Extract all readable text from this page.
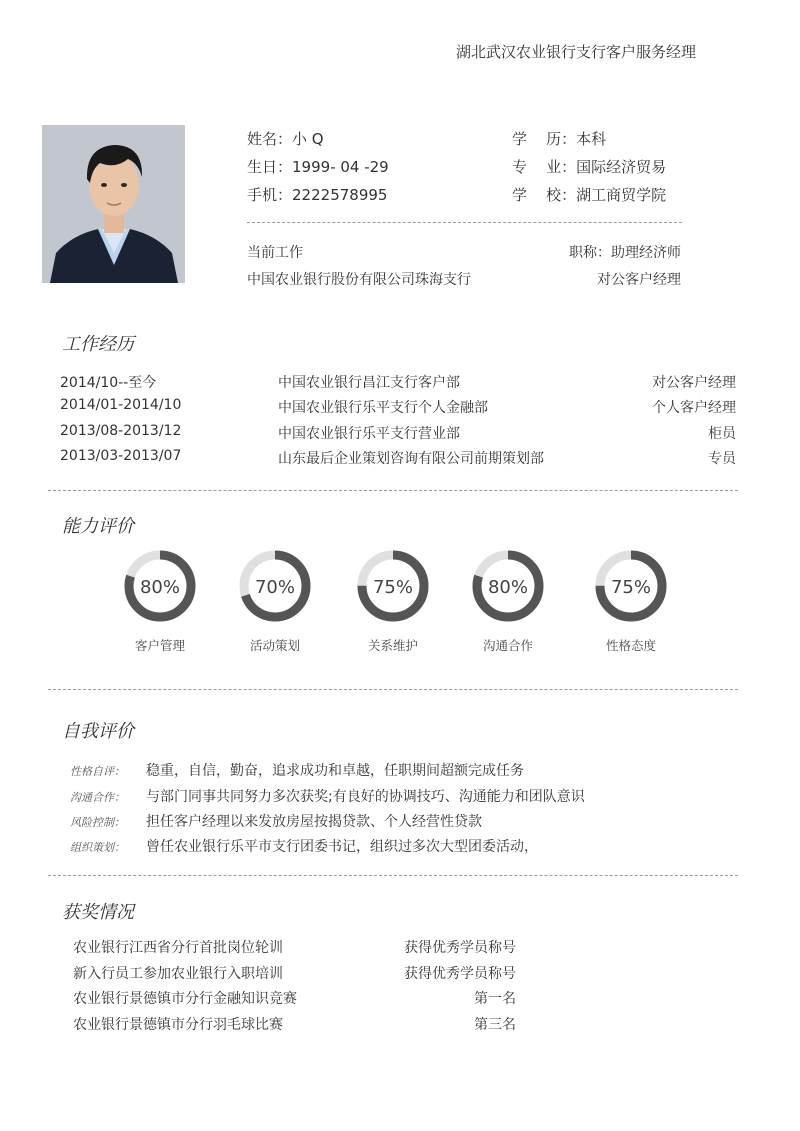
湖北武汉农业银行支行客户服务经理
姓名：小 Q
生日：1999- 04 -29
手机：2222578995
学    历：本科
专    业：国际经济贸易
学    校：湖工商贸学院
当前工作	职称：助理经济师
中国农业银行股份有限公司珠海支行	对公客户经理
工作经历
2014/10--至今	中国农业银行昌江支行客户部	对公客户经理
2014/01-2014/10	中国农业银行乐平支行个人金融部	个人客户经理
2013/08-2013/12	中国农业银行乐平支行营业部	柜员
2013/03-2013/07	山东最后企业策划咨询有限公司前期策划部	专员
能力评价
80%
客户管理
70%
活动策划
75%
关系维护
80%
沟通合作
75%
性格态度
自我评价
性格自评： 稳重，自信，勤奋，追求成功和卓越，任职期间超额完成任务
沟通合作： 与部门同事共同努力多次获奖;有良好的协调技巧、沟通能力和团队意识
风险控制： 担任客户经理以来发放房屋按揭贷款、个人经营性贷款
组织策划： 曾任农业银行乐平市支行团委书记，组织过多次大型团委活动，
获奖情况
农业银行江西省分行首批岗位轮训	获得优秀学员称号
新入行员工参加农业银行入职培训	获得优秀学员称号
农业银行景德镇市分行金融知识竞赛	第一名
农业银行景德镇市分行羽毛球比赛	第三名
